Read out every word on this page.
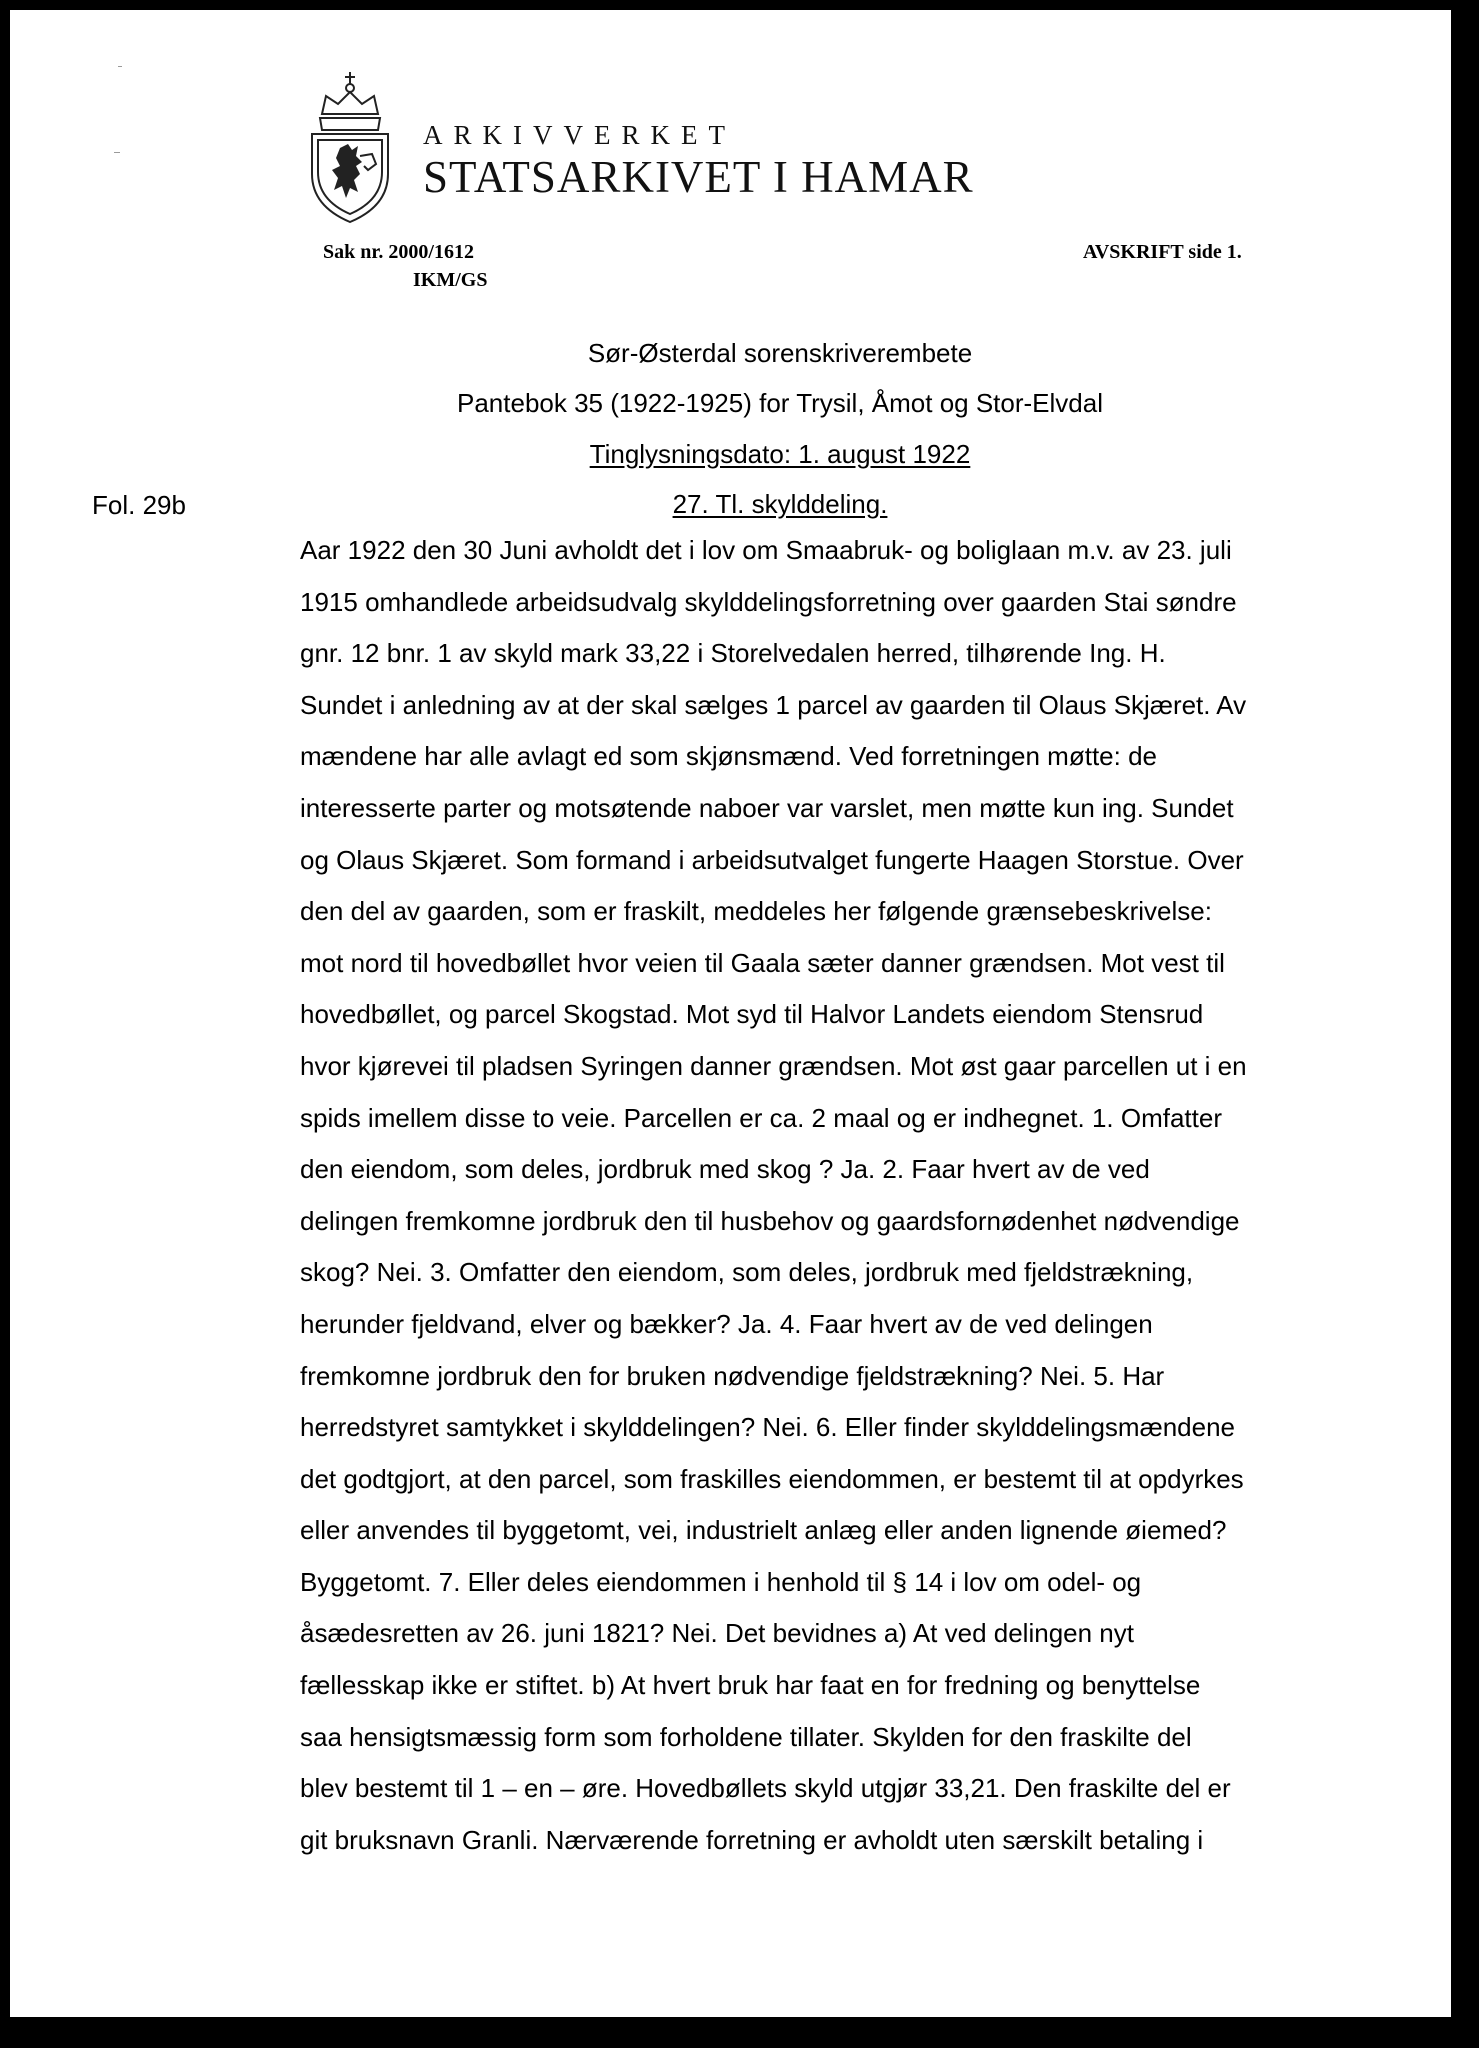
ARKIVVERKET

STATSARKIVET I HAMAR

Sak nr. 2000/1612
IKM/GS
AVSKRIFT side 1.

Sør-Østerdal sorenskriverembete

Pantebok 35 (1922-1925) for Trysil, Åmot og Stor-Elvdal

Tinglysningsdato: 1. august 1922

27. Tl. skylddeling.

Fol. 29b

Aar 1922 den 30 Juni avholdt det i lov om Smaabruk- og boliglaan m.v. av 23. juli
1915 omhandlede arbeidsudvalg skylddelingsforretning over gaarden Stai søndre
gnr. 12 bnr. 1 av skyld mark 33,22 i Storelvedalen herred, tilhørende Ing. H.
Sundet i anledning av at der skal sælges 1 parcel av gaarden til Olaus Skjæret. Av
mændene har alle avlagt ed som skjønsmænd. Ved forretningen møtte: de
interesserte parter og motsøtende naboer var varslet, men møtte kun ing. Sundet
og Olaus Skjæret. Som formand i arbeidsutvalget fungerte Haagen Storstue. Over
den del av gaarden, som er fraskilt, meddeles her følgende grænsebeskrivelse:
mot nord til hovedbøllet hvor veien til Gaala sæter danner grændsen. Mot vest til
hovedbøllet, og parcel Skogstad. Mot syd til Halvor Landets eiendom Stensrud
hvor kjørevei til pladsen Syringen danner grændsen. Mot øst gaar parcellen ut i en
spids imellem disse to veie. Parcellen er ca. 2 maal og er indhegnet. 1. Omfatter
den eiendom, som deles, jordbruk med skog ? Ja. 2. Faar hvert av de ved
delingen fremkomne jordbruk den til husbehov og gaardsfornødenhet nødvendige
skog? Nei. 3. Omfatter den eiendom, som deles, jordbruk med fjeldstrækning,
herunder fjeldvand, elver og bækker? Ja. 4. Faar hvert av de ved delingen
fremkomne jordbruk den for bruken nødvendige fjeldstrækning? Nei. 5. Har
herredstyret samtykket i skylddelingen? Nei. 6. Eller finder skylddelingsmændene
det godtgjort, at den parcel, som fraskilles eiendommen, er bestemt til at opdyrkes
eller anvendes til byggetomt, vei, industrielt anlæg eller anden lignende øiemed?
Byggetomt. 7. Eller deles eiendommen i henhold til § 14 i lov om odel- og
åsædesretten av 26. juni 1821? Nei. Det bevidnes a) At ved delingen nyt
fællesskap ikke er stiftet. b) At hvert bruk har faat en for fredning og benyttelse
saa hensigtsmæssig form som forholdene tillater. Skylden for den fraskilte del
blev bestemt til 1 – en – øre. Hovedbøllets skyld utgjør 33,21. Den fraskilte del er
git bruksnavn Granli. Nærværende forretning er avholdt uten særskilt betaling i
